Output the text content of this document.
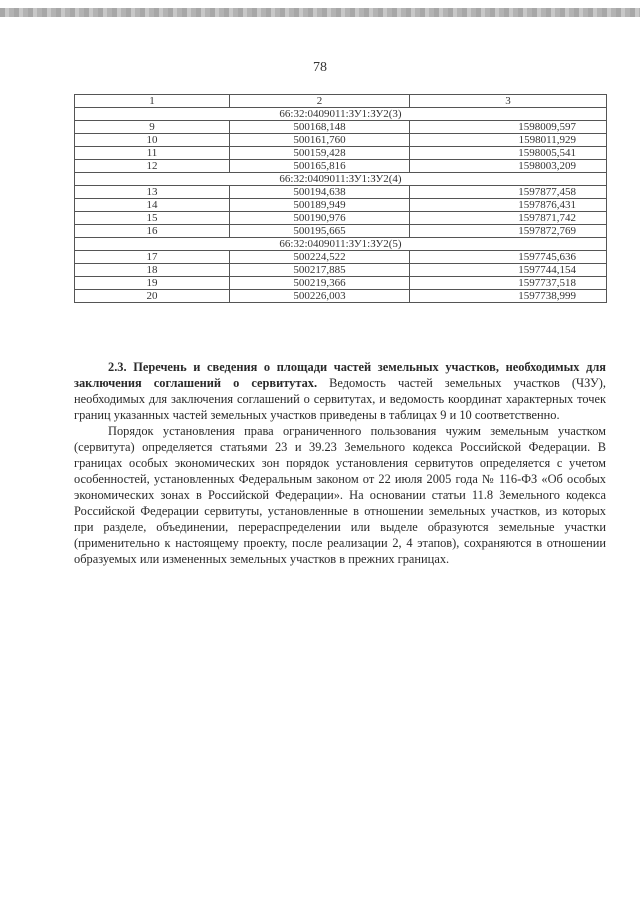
78
1	2	3
66:32:0409011:ЗУ1:ЗУ2(3)		
9	500168,148	1598009,597
10	500161,760	1598011,929
11	500159,428	1598005,541
12	500165,816	1598003,209
66:32:0409011:ЗУ1:ЗУ2(4)		
13	500194,638	1597877,458
14	500189,949	1597876,431
15	500190,976	1597871,742
16	500195,665	1597872,769
66:32:0409011:ЗУ1:ЗУ2(5)		
17	500224,522	1597745,636
18	500217,885	1597744,154
19	500219,366	1597737,518
20	500226,003	1597738,999

2.3. Перечень и сведения о площади частей земельных участков, необходимых для заключения соглашений о сервитутах. Ведомость частей земельных участков (ЧЗУ), необходимых для заключения соглашений о сервитутах, и ведомость координат характерных точек границ указанных частей земельных участков приведены в таблицах 9 и 10 соответственно.

Порядок установления права ограниченного пользования чужим земельным участком (сервитута) определяется статьями 23 и 39.23 Земельного кодекса Российской Федерации. В границах особых экономических зон порядок установления сервитутов определяется с учетом особенностей, установленных Федеральным законом от 22 июля 2005 года № 116-ФЗ «Об особых экономических зонах в Российской Федерации». На основании статьи 11.8 Земельного кодекса Российской Федерации сервитуты, установленные в отношении земельных участков, из которых при разделе, объединении, перераспределении или выделе образуются земельные участки (применительно к настоящему проекту, после реализации 2, 4 этапов), сохраняются в отношении образуемых или измененных земельных участков в прежних границах.
